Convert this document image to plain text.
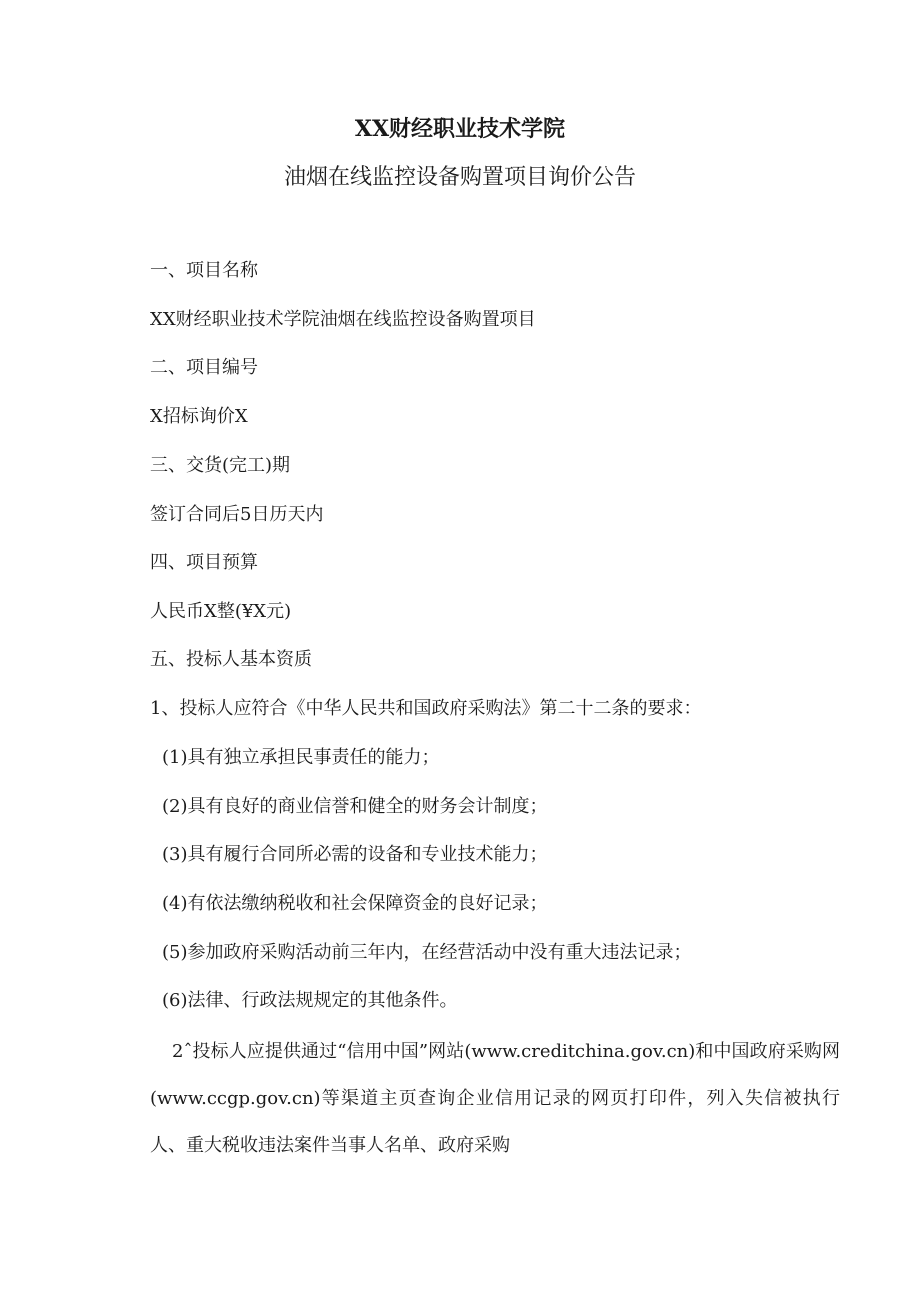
XX财经职业技术学院
油烟在线监控设备购置项目询价公告
一、项目名称
XX财经职业技术学院油烟在线监控设备购置项目
二、项目编号
X招标询价X
三、交货(完工)期
签订合同后5日历天内
四、项目预算
人民币X整(¥X元)
五、投标人基本资质
1、投标人应符合《中华人民共和国政府采购法》第二十二条的要求：
(1)具有独立承担民事责任的能力；
(2)具有良好的商业信誉和健全的财务会计制度；
(3)具有履行合同所必需的设备和专业技术能力；
(4)有依法缴纳税收和社会保障资金的良好记录；
(5)参加政府采购活动前三年内，在经营活动中没有重大违法记录；
(6)法律、行政法规规定的其他条件。
2ˆ投标人应提供通过“信用中国”网站(www.creditchina.gov.cn)和中国政府采购网(www.ccgp.gov.cn)等渠道主页查询企业信用记录的网页打印件，列入失信被执行人、重大税收违法案件当事人名单、政府采购
